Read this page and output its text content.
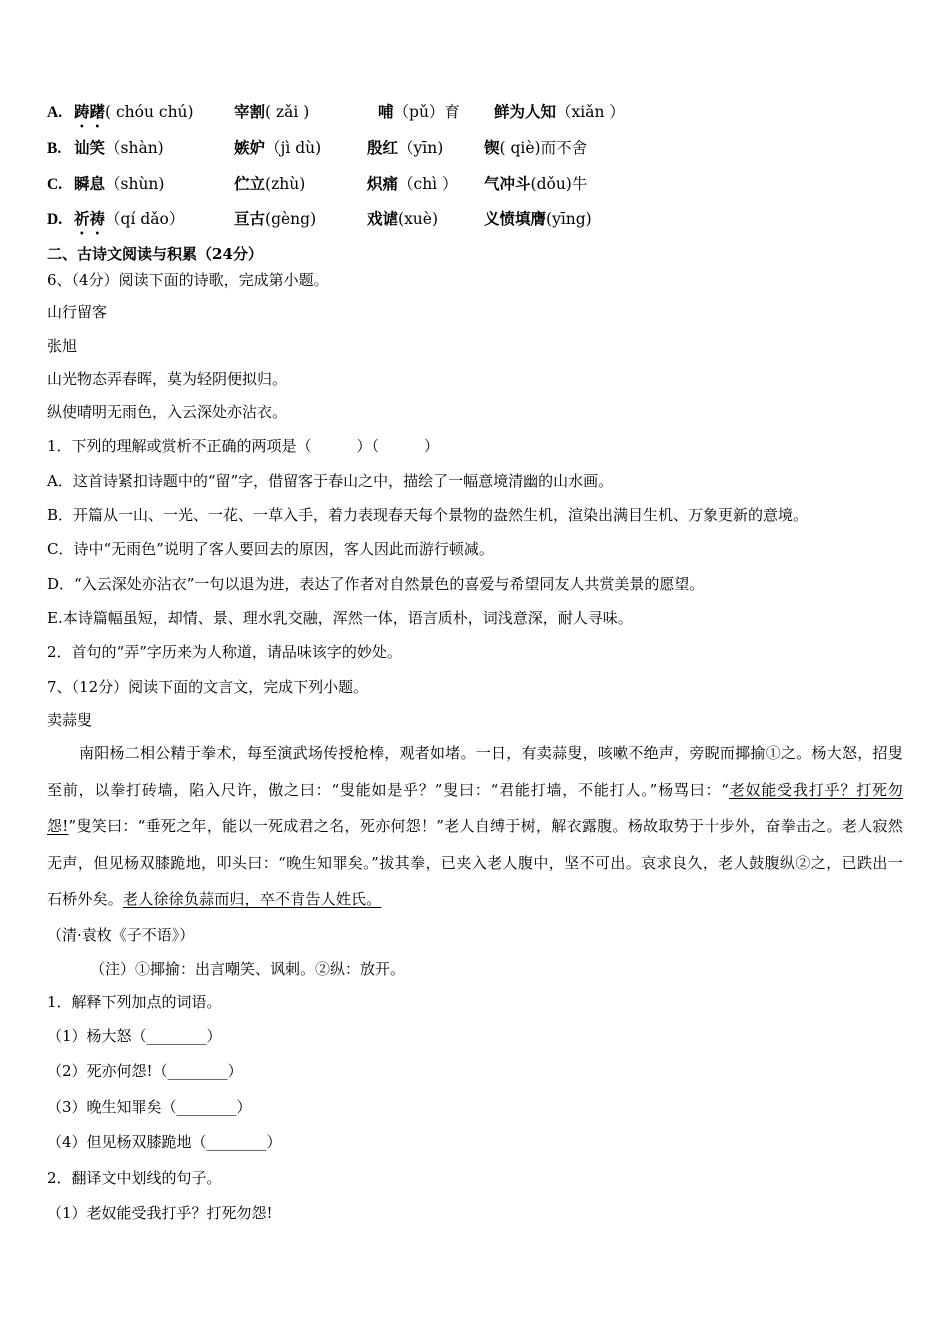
A. 踌躇( chóu chú)	宰割( zǎi )	哺（pǔ）育 鲜为人知（xiǎn ）
B. 讪笑（shàn)	嫉妒（jì dù)	殷红（yīn)	锲( qiè)而不舍
C. 瞬息（shùn)	伫立(zhù)	炽痛（chì ） 气冲斗(dǒu)牛
D. 祈祷（qí dǎo）	亘古(gèng)	戏谑(xuè)	义愤填膺(yīng)
二、古诗文阅读与积累（24分）
6、（4分）阅读下面的诗歌，完成第小题。
山行留客
张旭
山光物态弄春晖，莫为轻阴便拟归。
纵使晴明无雨色，入云深处亦沾衣。
1．下列的理解或赏析不正确的两项是（　　　）（　　　）
A．这首诗紧扣诗题中的“留”字，借留客于春山之中，描绘了一幅意境清幽的山水画。
B．开篇从一山、一光、一花、一草入手，着力表现春天每个景物的盎然生机，渲染出满目生机、万象更新的意境。
C．诗中“无雨色”说明了客人要回去的原因，客人因此而游行顿减。
D．“入云深处亦沾衣”一句以退为进，表达了作者对自然景色的喜爱与希望同友人共赏美景的愿望。
E.本诗篇幅虽短，却情、景、理水乳交融，浑然一体，语言质朴，词浅意深，耐人寻味。
2．首句的“弄”字历来为人称道，请品味该字的妙处。
7、（12分）阅读下面的文言文，完成下列小题。
卖蒜叟

南阳杨二相公精于拳术，每至演武场传授枪棒，观者如堵。一日，有卖蒜叟，咳嗽不绝声，旁睨而揶揄①之。杨大怒，招叟至前，以拳打砖墙，陷入尺许，傲之曰：“叟能如是乎？”叟曰：“君能打墙，不能打人。”杨骂曰：“老奴能受我打乎？打死勿怨!”叟笑曰：“垂死之年，能以一死成君之名，死亦何怨！”老人自缚于树，解衣露腹。杨故取势于十步外，奋拳击之。老人寂然无声，但见杨双膝跪地，叩头曰：“晚生知罪矣。”拔其拳，已夹入老人腹中，坚不可出。哀求良久，老人鼓腹纵②之，已跌出一石桥外矣。老人徐徐负蒜而归，卒不肯告人姓氏。

（清·袁枚《子不语》）
（注）①揶揄：出言嘲笑、讽刺。②纵：放开。
1．解释下列加点的词语。
（1）杨大怒（________）
（2）死亦何怨!（________）
（3）晚生知罪矣（________）
（4）但见杨双膝跪地（________）
2．翻译文中划线的句子。
（1）老奴能受我打乎？打死勿怨!
